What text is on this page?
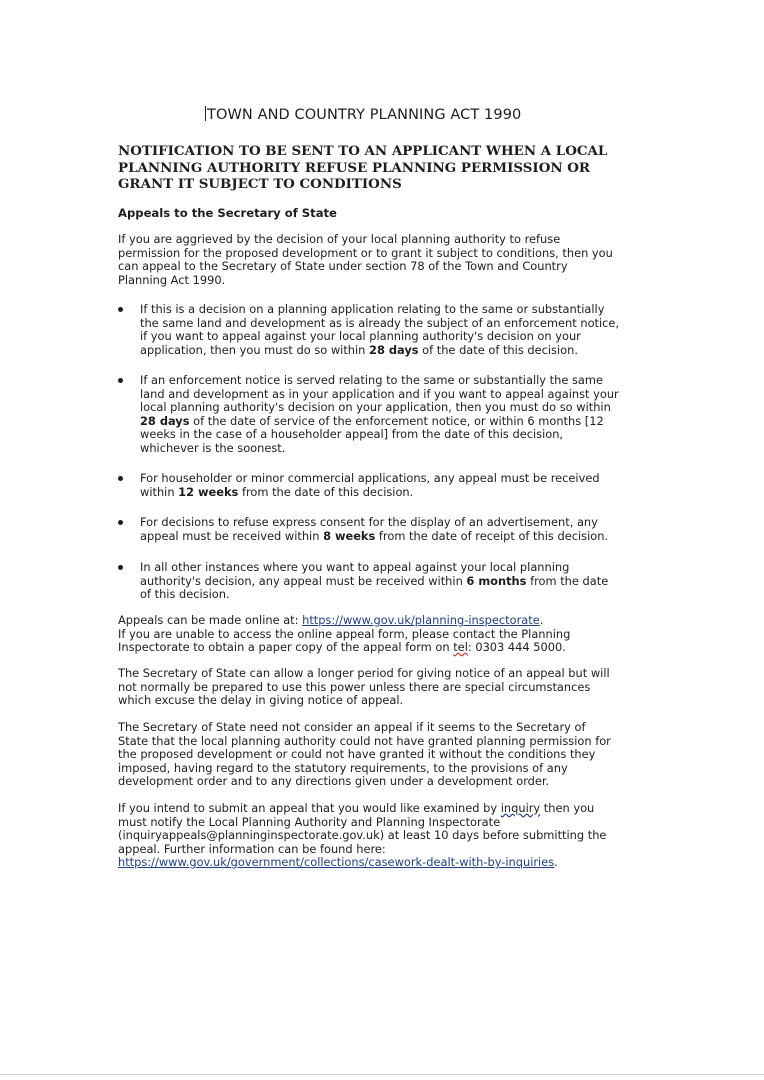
TOWN AND COUNTRY PLANNING ACT 1990
NOTIFICATION TO BE SENT TO AN APPLICANT WHEN A LOCAL PLANNING AUTHORITY REFUSE PLANNING PERMISSION OR GRANT IT SUBJECT TO CONDITIONS
Appeals to the Secretary of State
If you are aggrieved by the decision of your local planning authority to refuse permission for the proposed development or to grant it subject to conditions, then you can appeal to the Secretary of State under section 78 of the Town and Country Planning Act 1990.
If this is a decision on a planning application relating to the same or substantially the same land and development as is already the subject of an enforcement notice, if you want to appeal against your local planning authority's decision on your application, then you must do so within 28 days of the date of this decision.
If an enforcement notice is served relating to the same or substantially the same land and development as in your application and if you want to appeal against your local planning authority's decision on your application, then you must do so within 28 days of the date of service of the enforcement notice, or within 6 months [12 weeks in the case of a householder appeal] from the date of this decision, whichever is the soonest.
For householder or minor commercial applications, any appeal must be received within 12 weeks from the date of this decision.
For decisions to refuse express consent for the display of an advertisement, any appeal must be received within 8 weeks from the date of receipt of this decision.
In all other instances where you want to appeal against your local planning authority's decision, any appeal must be received within 6 months from the date of this decision.
Appeals can be made online at: https://www.gov.uk/planning-inspectorate.
If you are unable to access the online appeal form, please contact the Planning Inspectorate to obtain a paper copy of the appeal form on tel: 0303 444 5000.
The Secretary of State can allow a longer period for giving notice of an appeal but will not normally be prepared to use this power unless there are special circumstances which excuse the delay in giving notice of appeal.
The Secretary of State need not consider an appeal if it seems to the Secretary of State that the local planning authority could not have granted planning permission for the proposed development or could not have granted it without the conditions they imposed, having regard to the statutory requirements, to the provisions of any development order and to any directions given under a development order.
If you intend to submit an appeal that you would like examined by inquiry then you must notify the Local Planning Authority and Planning Inspectorate (inquiryappeals@planninginspectorate.gov.uk) at least 10 days before submitting the appeal. Further information can be found here:
https://www.gov.uk/government/collections/casework-dealt-with-by-inquiries.
